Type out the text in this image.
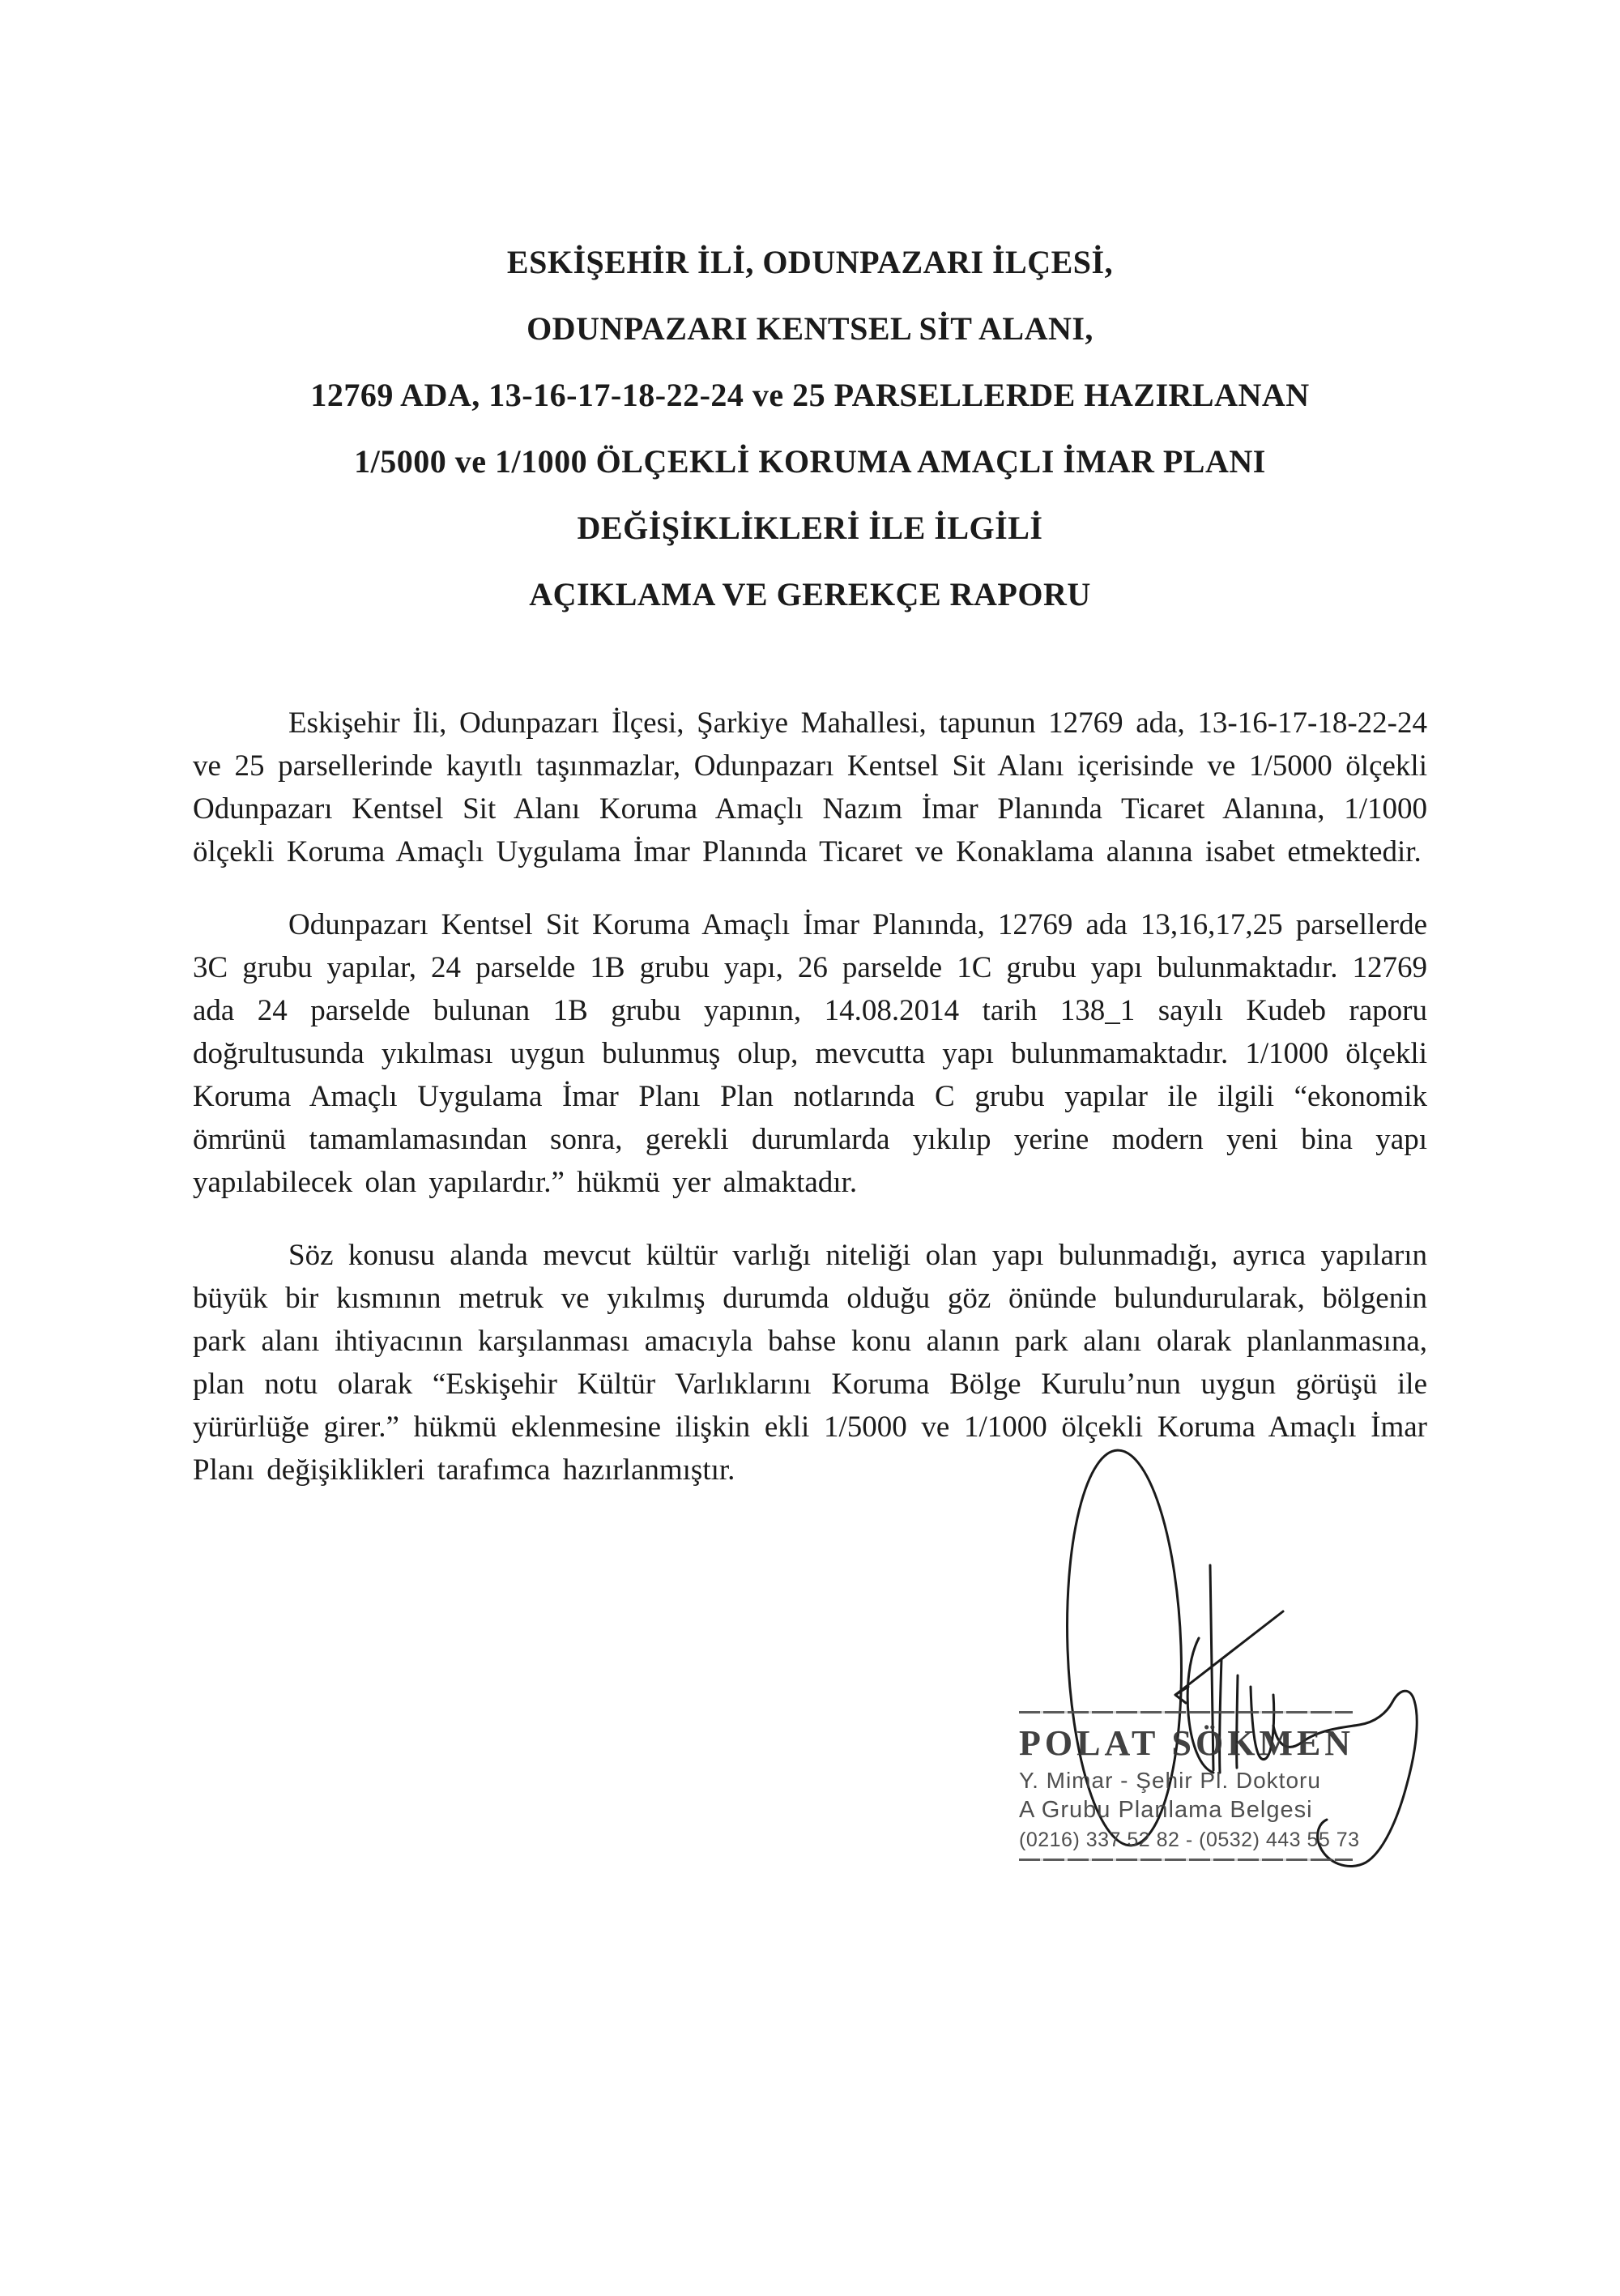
ESKİŞEHİR İLİ, ODUNPAZARI İLÇESİ,
ODUNPAZARI KENTSEL SİT ALANI,
12769 ADA, 13-16-17-18-22-24 ve 25 PARSELLERDE HAZIRLANAN
1/5000 ve 1/1000 ÖLÇEKLİ KORUMA AMAÇLI İMAR PLANI
DEĞİŞİKLİKLERİ İLE İLGİLİ
AÇIKLAMA VE GEREKÇE RAPORU

Eskişehir İli, Odunpazarı İlçesi, Şarkiye Mahallesi, tapunun 12769 ada, 13-16-17-18-22-24 ve 25 parsellerinde kayıtlı taşınmazlar, Odunpazarı Kentsel Sit Alanı içerisinde ve 1/5000 ölçekli Odunpazarı Kentsel Sit Alanı Koruma Amaçlı Nazım İmar Planında Ticaret Alanına, 1/1000 ölçekli Koruma Amaçlı Uygulama İmar Planında Ticaret ve Konaklama alanına isabet etmektedir.

Odunpazarı Kentsel Sit Koruma Amaçlı İmar Planında, 12769 ada 13,16,17,25 parsellerde 3C grubu yapılar, 24 parselde 1B grubu yapı, 26 parselde 1C grubu yapı bulunmaktadır. 12769 ada 24 parselde bulunan 1B grubu yapının, 14.08.2014 tarih 138_1 sayılı Kudeb raporu doğrultusunda yıkılması uygun bulunmuş olup, mevcutta yapı bulunmamaktadır. 1/1000 ölçekli Koruma Amaçlı Uygulama İmar Planı Plan notlarında C grubu yapılar ile ilgili “ekonomik ömrünü tamamlamasından sonra, gerekli durumlarda yıkılıp yerine modern yeni bina yapı yapılabilecek olan yapılardır.” hükmü yer almaktadır.

Söz konusu alanda mevcut kültür varlığı niteliği olan yapı bulunmadığı, ayrıca yapıların büyük bir kısmının metruk ve yıkılmış durumda olduğu göz önünde bulundurularak, bölgenin park alanı ihtiyacının karşılanması amacıyla bahse konu alanın park alanı olarak planlanmasına, plan notu olarak “Eskişehir Kültür Varlıklarını Koruma Bölge Kurulu’nun uygun görüşü ile yürürlüğe girer.” hükmü eklenmesine ilişkin ekli 1/5000 ve 1/1000 ölçekli Koruma Amaçlı İmar Planı değişiklikleri tarafımca hazırlanmıştır.

POLAT SÖKMEN
Y. Mimar - Şehir Pl. Doktoru
A Grubu Planlama Belgesi
(0216) 337 52 82 - (0532) 443 55 73
